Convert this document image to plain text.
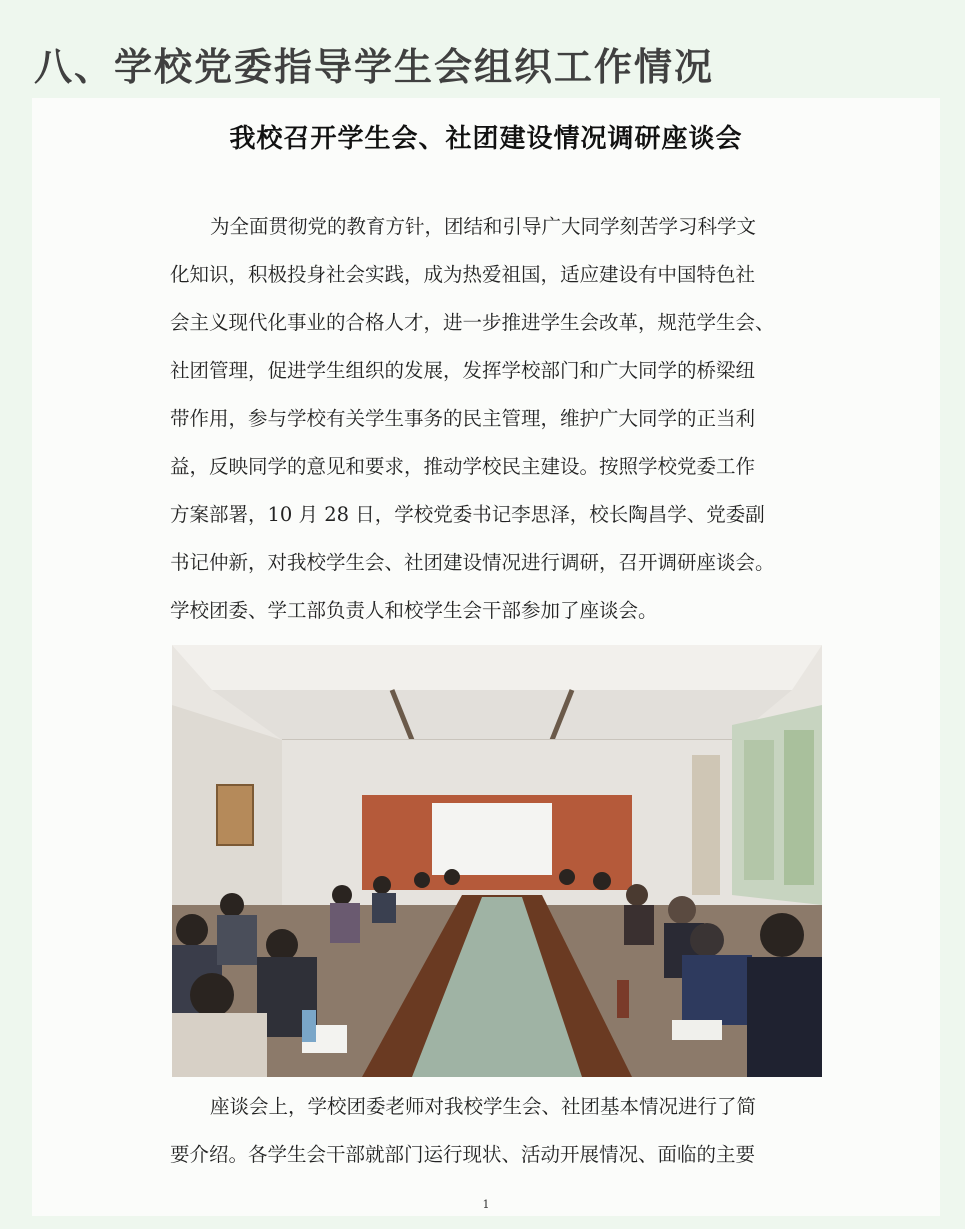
八、学校党委指导学生会组织工作情况
我校召开学生会、社团建设情况调研座谈会
为全面贯彻党的教育方针，团结和引导广大同学刻苦学习科学文
化知识，积极投身社会实践，成为热爱祖国，适应建设有中国特色社
会主义现代化事业的合格人才，进一步推进学生会改革，规范学生会、
社团管理，促进学生组织的发展，发挥学校部门和广大同学的桥梁纽
带作用，参与学校有关学生事务的民主管理，维护广大同学的正当利
益，反映同学的意见和要求，推动学校民主建设。按照学校党委工作
方案部署，10 月 28 日，学校党委书记李思泽，校长陶昌学、党委副
书记仲新，对我校学生会、社团建设情况进行调研，召开调研座谈会。
学校团委、学工部负责人和校学生会干部参加了座谈会。
座谈会上，学校团委老师对我校学生会、社团基本情况进行了简
要介绍。各学生会干部就部门运行现状、活动开展情况、面临的主要
1
